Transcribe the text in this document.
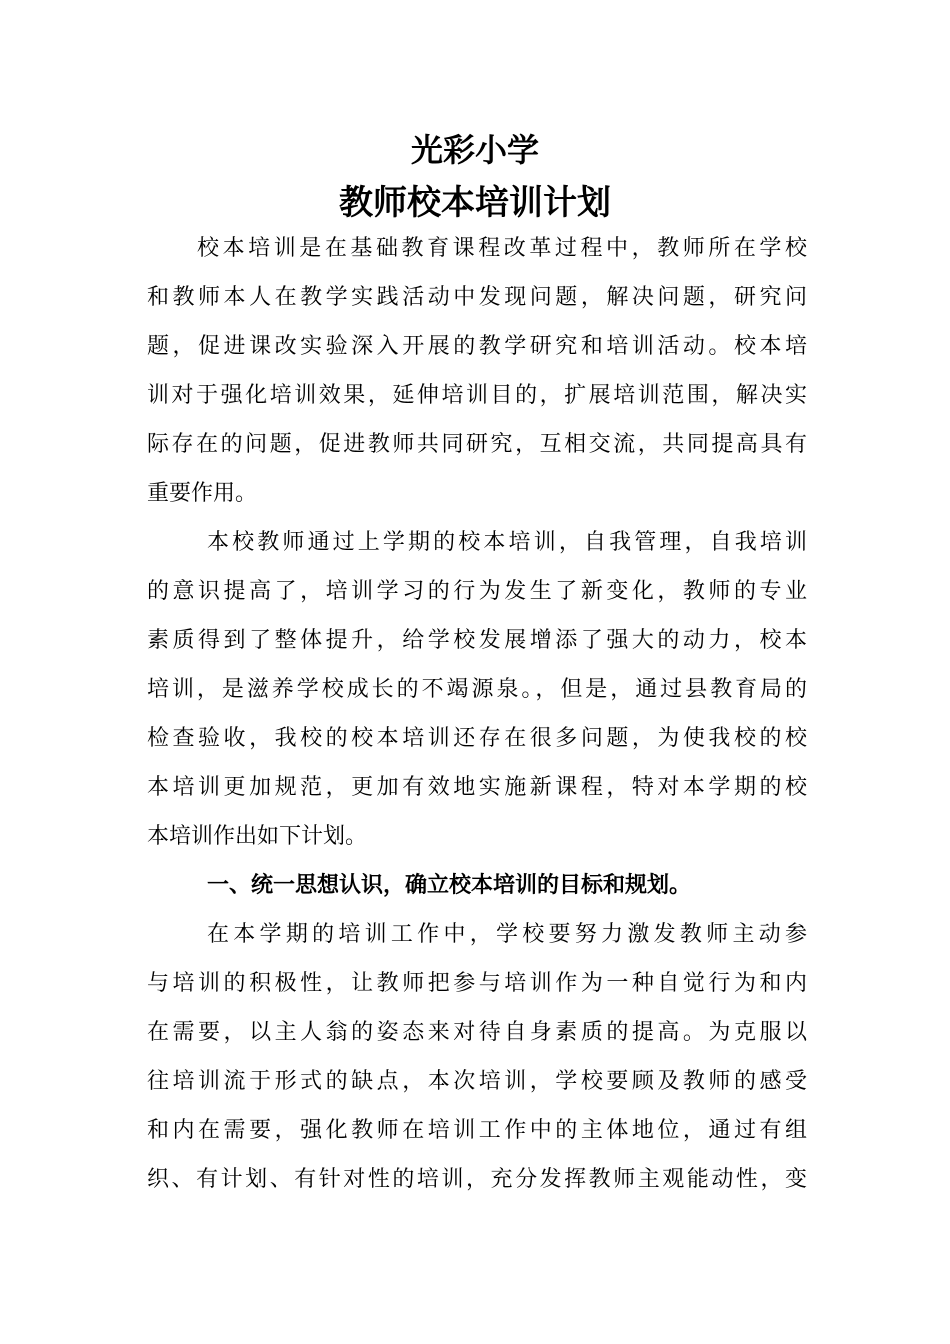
光彩小学
教师校本培训计划
校本培训是在基础教育课程改革过程中，教师所在学校
和教师本人在教学实践活动中发现问题，解决问题，研究问
题，促进课改实验深入开展的教学研究和培训活动。校本培
训对于强化培训效果，延伸培训目的，扩展培训范围，解决实
际存在的问题，促进教师共同研究，互相交流，共同提高具有
重要作用。
本校教师通过上学期的校本培训，自我管理，自我培训
的意识提高了，培训学习的行为发生了新变化，教师的专业
素质得到了整体提升，给学校发展增添了强大的动力，校本
培训，是滋养学校成长的不竭源泉。，但是，通过县教育局的
检查验收，我校的校本培训还存在很多问题，为使我校的校
本培训更加规范，更加有效地实施新课程，特对本学期的校
本培训作出如下计划。
一、统一思想认识，确立校本培训的目标和规划。
在本学期的培训工作中，学校要努力激发教师主动参
与培训的积极性，让教师把参与培训作为一种自觉行为和内
在需要，以主人翁的姿态来对待自身素质的提高。为克服以
往培训流于形式的缺点，本次培训，学校要顾及教师的感受
和内在需要，强化教师在培训工作中的主体地位，通过有组
织、有计划、有针对性的培训，充分发挥教师主观能动性，变
